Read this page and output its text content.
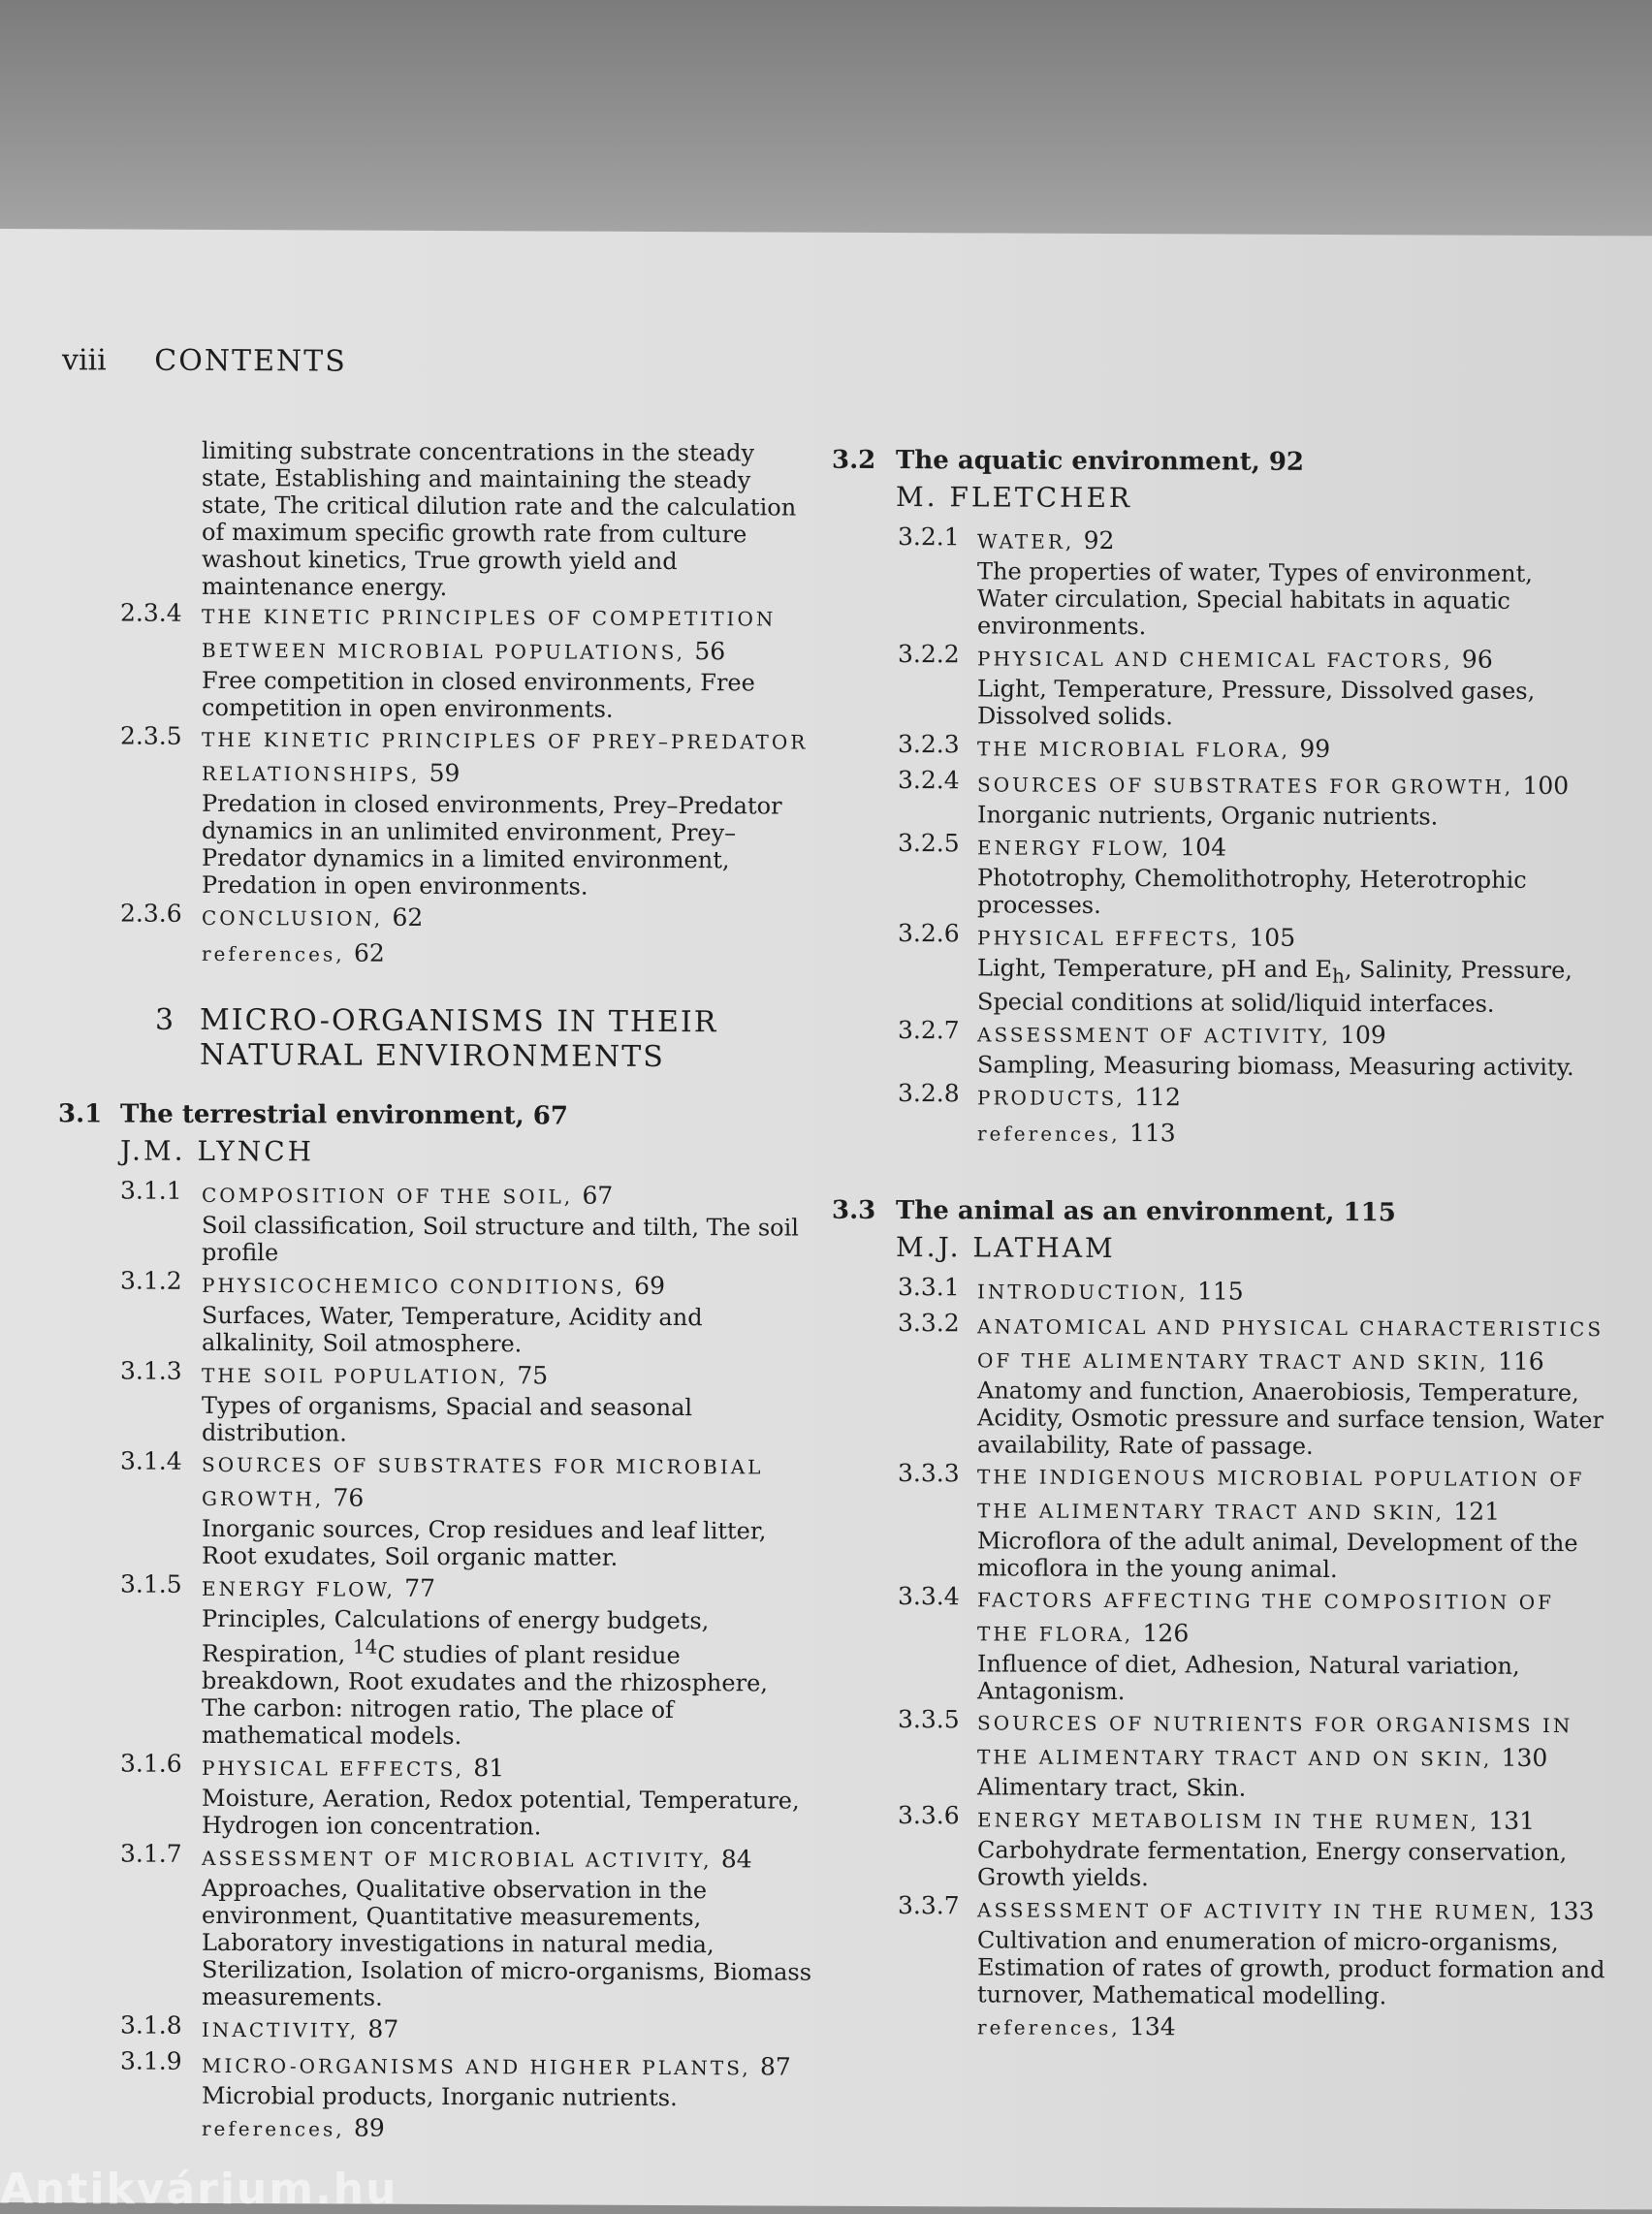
viii CONTENTS
limiting substrate concentrations in the steady state, Establishing and maintaining the steady state, The critical dilution rate and the calculation of maximum specific growth rate from culture washout kinetics, True growth yield and maintenance energy.
2.3.4 THE KINETIC PRINCIPLES OF COMPETITION BETWEEN MICROBIAL POPULATIONS, 56
Free competition in closed environments, Free competition in open environments.
2.3.5 THE KINETIC PRINCIPLES OF PREY–PREDATOR RELATIONSHIPS, 59
Predation in closed environments, Prey–Predator dynamics in an unlimited environment, Prey–Predator dynamics in a limited environment, Predation in open environments.
2.3.6 CONCLUSION, 62
references, 62
3 MICRO-ORGANISMS IN THEIR
NATURAL ENVIRONMENTS
3.1 The terrestrial environment, 67
J.M. LYNCH
3.1.1 COMPOSITION OF THE SOIL, 67
Soil classification, Soil structure and tilth, The soil profile
3.1.2 PHYSICOCHEMICO CONDITIONS, 69
Surfaces, Water, Temperature, Acidity and alkalinity, Soil atmosphere.
3.1.3 THE SOIL POPULATION, 75
Types of organisms, Spacial and seasonal distribution.
3.1.4 SOURCES OF SUBSTRATES FOR MICROBIAL GROWTH, 76
Inorganic sources, Crop residues and leaf litter, Root exudates, Soil organic matter.
3.1.5 ENERGY FLOW, 77
Principles, Calculations of energy budgets, Respiration, $^{14}$C studies of plant residue breakdown, Root exudates and the rhizosphere, The carbon: nitrogen ratio, The place of mathematical models.
3.1.6 PHYSICAL EFFECTS, 81
Moisture, Aeration, Redox potential, Temperature, Hydrogen ion concentration.
3.1.7 ASSESSMENT OF MICROBIAL ACTIVITY, 84
Approaches, Qualitative observation in the environment, Quantitative measurements, Laboratory investigations in natural media, Sterilization, Isolation of micro-organisms, Biomass measurements.
3.1.8 INACTIVITY, 87
3.1.9 MICRO-ORGANISMS AND HIGHER PLANTS, 87
Microbial products, Inorganic nutrients.
references, 89
3.2 The aquatic environment, 92
M. FLETCHER
3.2.1 WATER, 92
The properties of water, Types of environment, Water circulation, Special habitats in aquatic environments.
3.2.2 PHYSICAL AND CHEMICAL FACTORS, 96
Light, Temperature, Pressure, Dissolved gases, Dissolved solids.
3.2.3 THE MICROBIAL FLORA, 99
3.2.4 SOURCES OF SUBSTRATES FOR GROWTH, 100
Inorganic nutrients, Organic nutrients.
3.2.5 ENERGY FLOW, 104
Phototrophy, Chemolithotrophy, Heterotrophic processes.
3.2.6 PHYSICAL EFFECTS, 105
Light, Temperature, pH and $E_h$, Salinity, Pressure, Special conditions at solid/liquid interfaces.
3.2.7 ASSESSMENT OF ACTIVITY, 109
Sampling, Measuring biomass, Measuring activity.
3.2.8 PRODUCTS, 112
references, 113
3.3 The animal as an environment, 115
M.J. LATHAM
3.3.1 INTRODUCTION, 115
3.3.2 ANATOMICAL AND PHYSICAL CHARACTERISTICS OF THE ALIMENTARY TRACT AND SKIN, 116
Anatomy and function, Anaerobiosis, Temperature, Acidity, Osmotic pressure and surface tension, Water availability, Rate of passage.
3.3.3 THE INDIGENOUS MICROBIAL POPULATION OF THE ALIMENTARY TRACT AND SKIN, 121
Microflora of the adult animal, Development of the micoflora in the young animal.
3.3.4 FACTORS AFFECTING THE COMPOSITION OF THE FLORA, 126
Influence of diet, Adhesion, Natural variation, Antagonism.
3.3.5 SOURCES OF NUTRIENTS FOR ORGANISMS IN THE ALIMENTARY TRACT AND ON SKIN, 130
Alimentary tract, Skin.
3.3.6 ENERGY METABOLISM IN THE RUMEN, 131
Carbohydrate fermentation, Energy conservation, Growth yields.
3.3.7 ASSESSMENT OF ACTIVITY IN THE RUMEN, 133
Cultivation and enumeration of micro-organisms, Estimation of rates of growth, product formation and turnover, Mathematical modelling.
references, 134
Antikvárium.hu
